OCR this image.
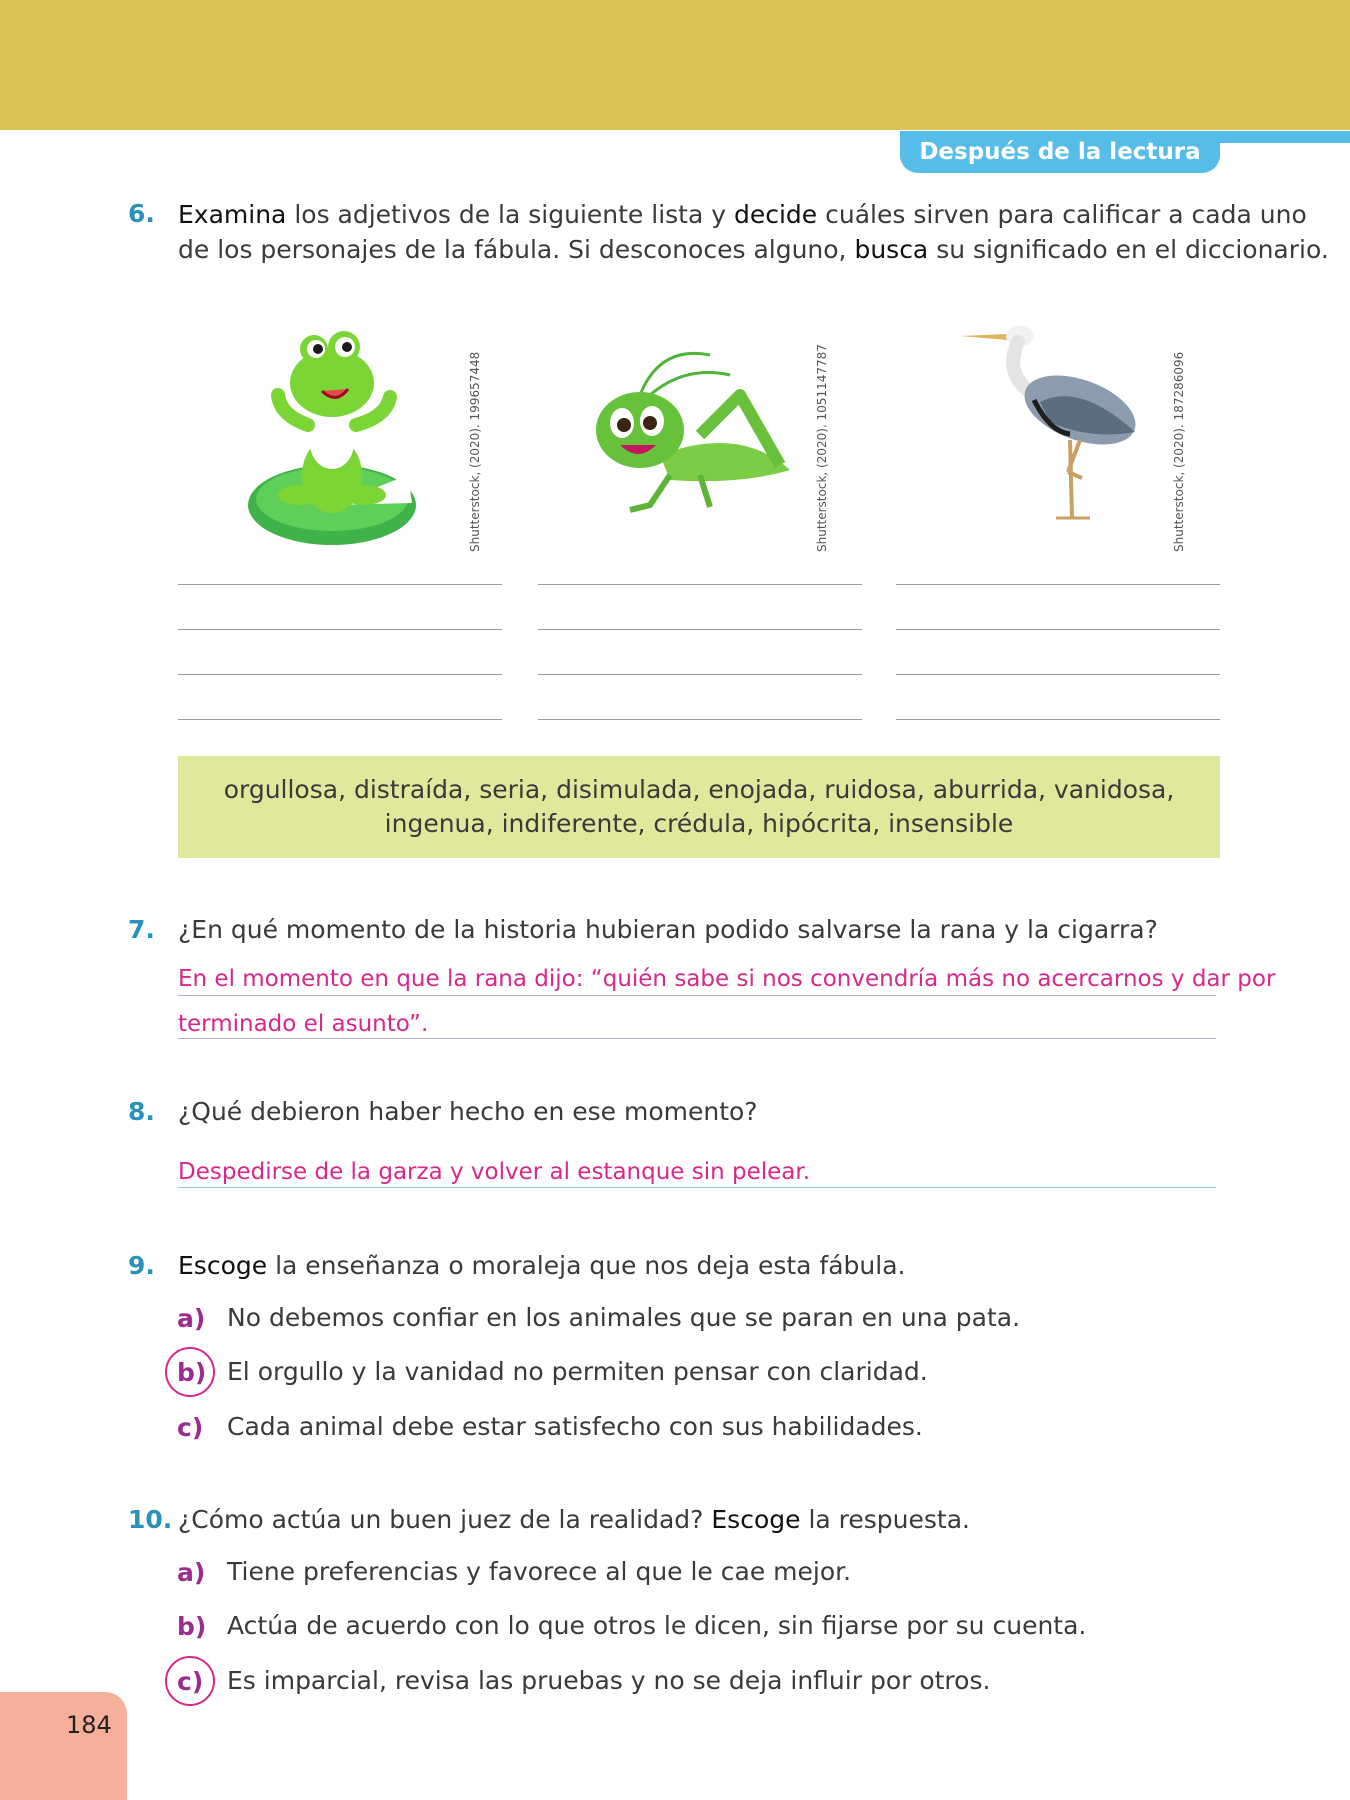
Después de la lectura
6. Examina los adjetivos de la siguiente lista y decide cuáles sirven para calificar a cada uno
de los personajes de la fábula. Si desconoces alguno, busca su significado en el diccionario.
Shutterstock, (2020). 199657448	Shutterstock, (2020). 1051147787	Shutterstock, (2020). 187286096
orgullosa, distraída, seria, disimulada, enojada, ruidosa, aburrida, vanidosa,
ingenua, indiferente, crédula, hipócrita, insensible
7. ¿En qué momento de la historia hubieran podido salvarse la rana y la cigarra?
En el momento en que la rana dijo: “quién sabe si nos convendría más no acercarnos y dar por
terminado el asunto”.
8. ¿Qué debieron haber hecho en ese momento?
Despedirse de la garza y volver al estanque sin pelear.
9. Escoge la enseñanza o moraleja que nos deja esta fábula.
a) No debemos confiar en los animales que se paran en una pata.
b) El orgullo y la vanidad no permiten pensar con claridad.
c) Cada animal debe estar satisfecho con sus habilidades.
10. ¿Cómo actúa un buen juez de la realidad? Escoge la respuesta.
a) Tiene preferencias y favorece al que le cae mejor.
b) Actúa de acuerdo con lo que otros le dicen, sin fijarse por su cuenta.
c) Es imparcial, revisa las pruebas y no se deja influir por otros.
184
